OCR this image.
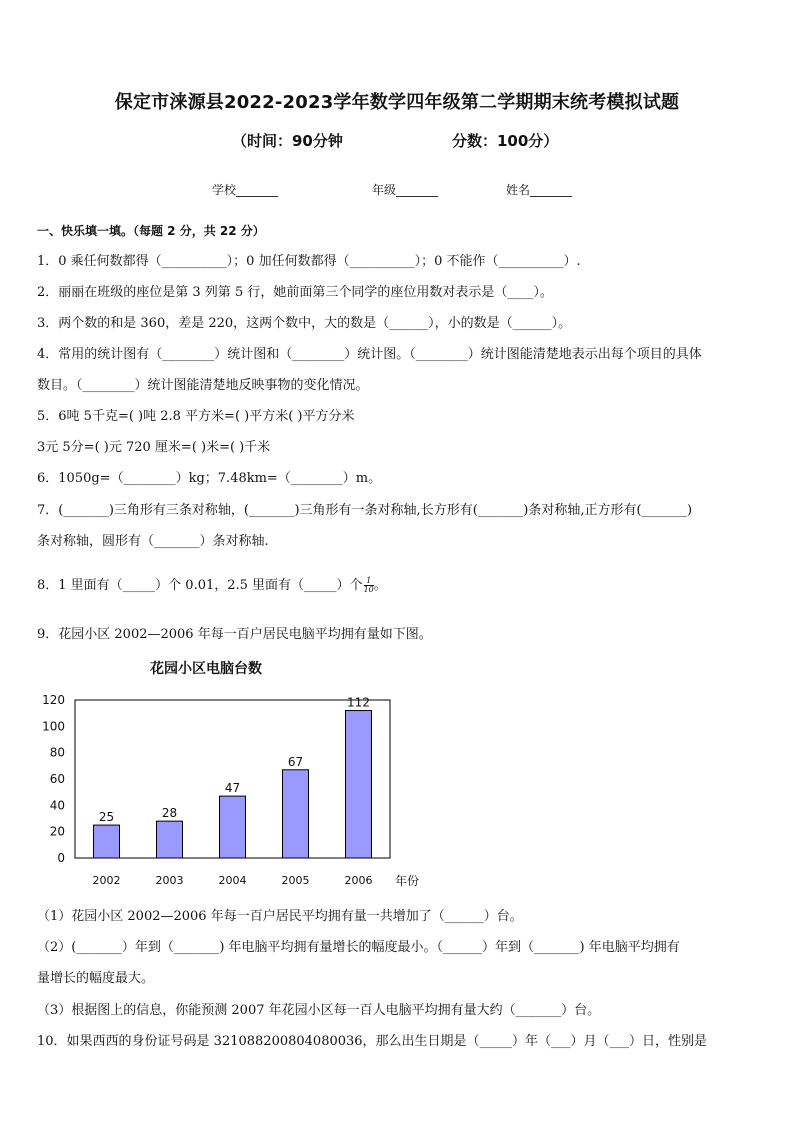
保定市涞源县2022-2023学年数学四年级第二学期期末统考模拟试题
（时间：90分钟	分数：100分）
学校_______	年级_______	姓名_______
一、快乐填一填。（每题 2 分，共 22 分）
1．0 乘任何数都得（__________）；0 加任何数都得（__________）；0 不能作（__________）.
2．丽丽在班级的座位是第 3 列第 5 行，她前面第三个同学的座位用数对表示是（____）。
3．两个数的和是 360，差是 220，这两个数中，大的数是（______），小的数是（______）。
4．常用的统计图有（________）统计图和（________）统计图。（________）统计图能清楚地表示出每个项目的具体
数目。（________）统计图能清楚地反映事物的变化情况。
5．6吨 5千克=( )吨 2.8 平方米=( )平方米( )平方分米
3元 5分=( )元 720 厘米=( )米=( )千米
6．1050g=（________）kg；7.48km=（________）m。
7．(_______)三角形有三条对称轴，(_______)三角形有一条对称轴,长方形有(_______)条对称轴,正方形有(_______)
条对称轴，圆形有（_______）条对称轴.
8．1 里面有（_____）个 0.01，2.5 里面有（_____）个 $\frac{1}{10}$ 。
9．花园小区 2002—2006 年每一百户居民电脑平均拥有量如下图。
花园小区电脑台数
0
20
40
60
80
100
120
25
2002
28
2003
47
2004
67
2005
112
2006 年份
（1）花园小区 2002—2006 年每一百户居民平均拥有量一共增加了（______）台。
（2）(_______）年到（_______) 年电脑平均拥有量增长的幅度最小。（______）年到（_______) 年电脑平均拥有
量增长的幅度最大。
（3）根据图上的信息，你能预测 2007 年花园小区每一百人电脑平均拥有量大约（_______）台。
10．如果西西的身份证号码是 321088200804080036，那么出生日期是（_____）年（___）月（___）日，性别是
